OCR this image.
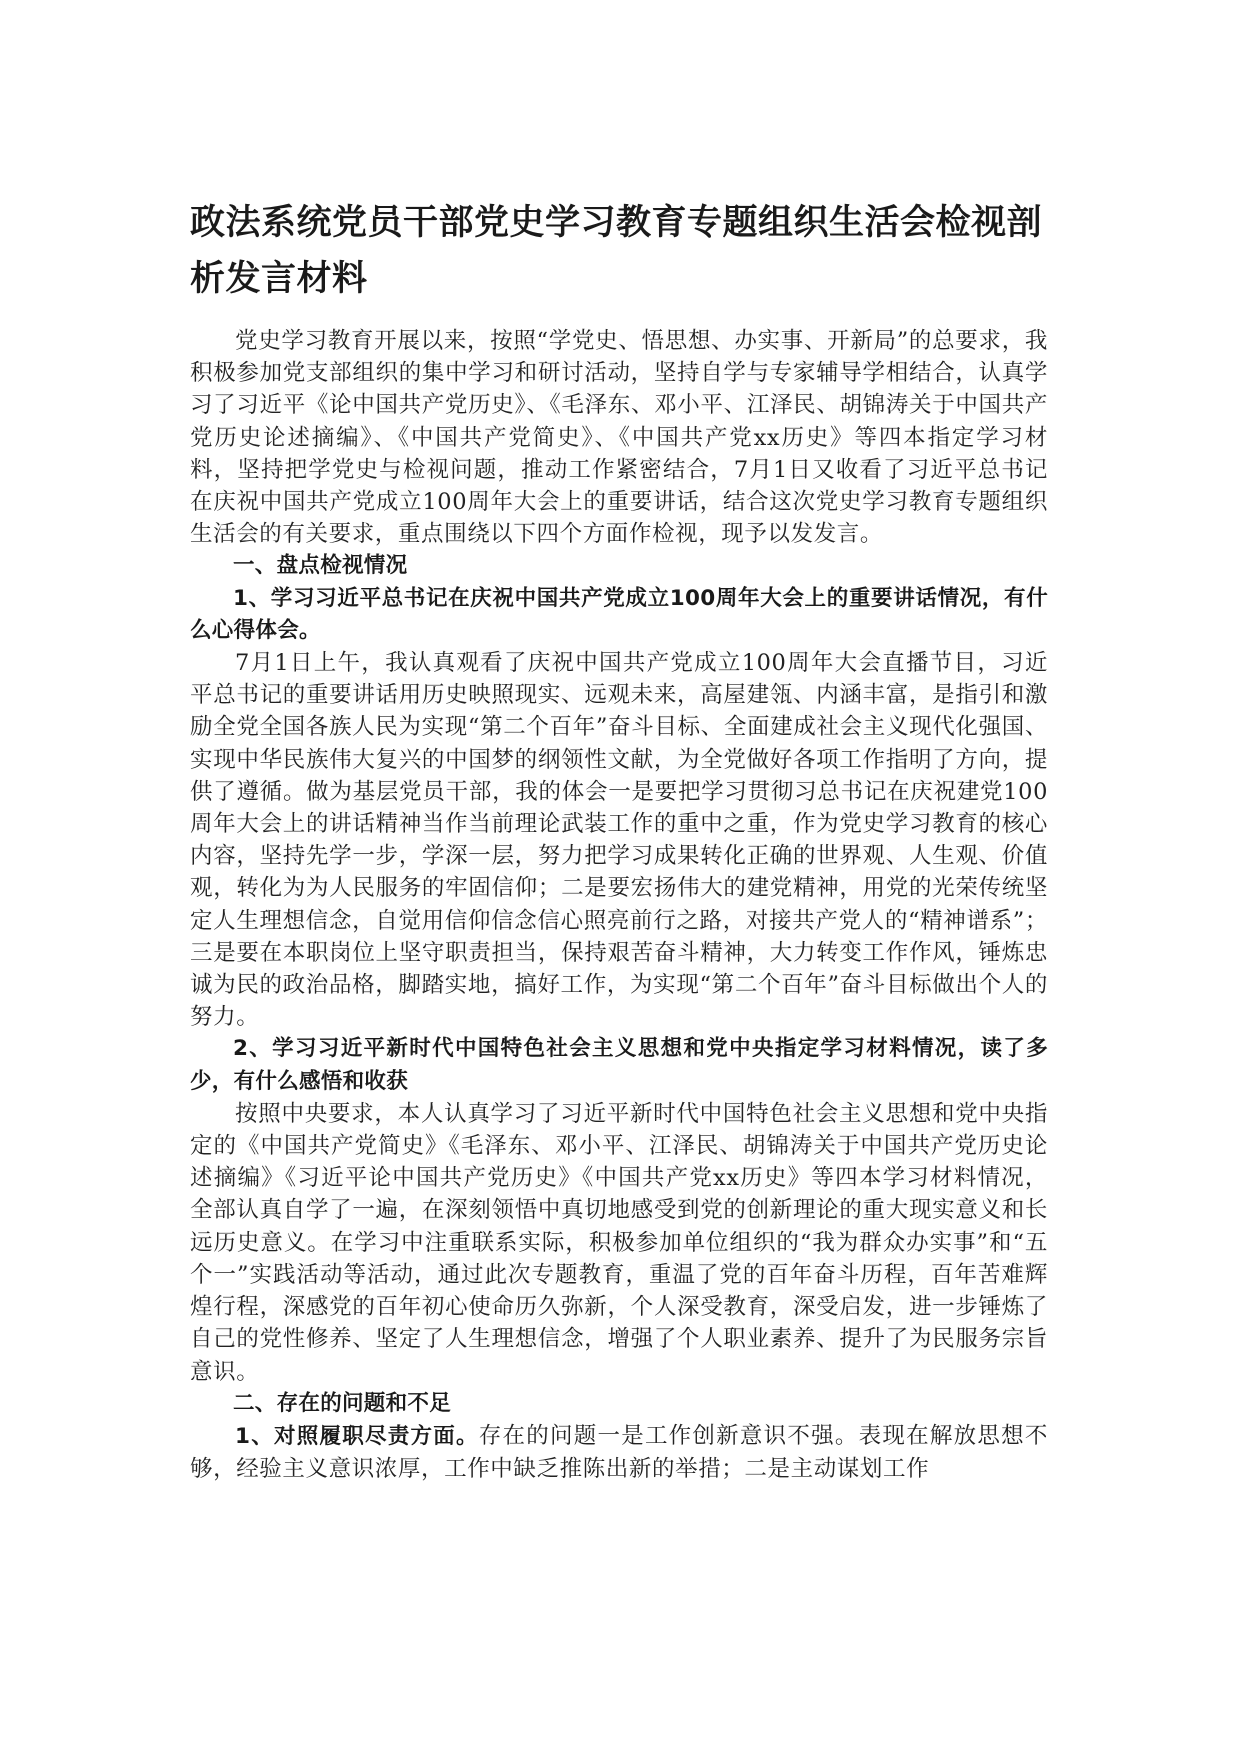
政法系统党员干部党史学习教育专题组织生活会检视剖析发言材料

党史学习教育开展以来，按照“学党史、悟思想、办实事、开新局”的总要求，我积极参加党支部组织的集中学习和研讨活动，坚持自学与专家辅导学相结合，认真学习了习近平《论中国共产党历史》、《毛泽东、邓小平、江泽民、胡锦涛关于中国共产党历史论述摘编》、《中国共产党简史》、《中国共产党xx历史》等四本指定学习材料，坚持把学党史与检视问题，推动工作紧密结合，7月1日又收看了习近平总书记在庆祝中国共产党成立100周年大会上的重要讲话，结合这次党史学习教育专题组织生活会的有关要求，重点围绕以下四个方面作检视，现予以发发言。

一、盘点检视情况

1、学习习近平总书记在庆祝中国共产党成立100周年大会上的重要讲话情况，有什么心得体会。

7月1日上午，我认真观看了庆祝中国共产党成立100周年大会直播节目，习近平总书记的重要讲话用历史映照现实、远观未来，高屋建瓴、内涵丰富，是指引和激励全党全国各族人民为实现“第二个百年”奋斗目标、全面建成社会主义现代化强国、实现中华民族伟大复兴的中国梦的纲领性文献，为全党做好各项工作指明了方向，提供了遵循。做为基层党员干部，我的体会一是要把学习贯彻习总书记在庆祝建党100周年大会上的讲话精神当作当前理论武装工作的重中之重，作为党史学习教育的核心内容，坚持先学一步，学深一层，努力把学习成果转化正确的世界观、人生观、价值观，转化为为人民服务的牢固信仰；二是要宏扬伟大的建党精神，用党的光荣传统坚定人生理想信念，自觉用信仰信念信心照亮前行之路，对接共产党人的“精神谱系”；三是要在本职岗位上坚守职责担当，保持艰苦奋斗精神，大力转变工作作风，锤炼忠诚为民的政治品格，脚踏实地，搞好工作，为实现“第二个百年”奋斗目标做出个人的努力。

2、学习习近平新时代中国特色社会主义思想和党中央指定学习材料情况，读了多少，有什么感悟和收获

按照中央要求，本人认真学习了习近平新时代中国特色社会主义思想和党中央指定的《中国共产党简史》《毛泽东、邓小平、江泽民、胡锦涛关于中国共产党历史论述摘编》《习近平论中国共产党历史》《中国共产党xx历史》等四本学习材料情况，全部认真自学了一遍，在深刻领悟中真切地感受到党的创新理论的重大现实意义和长远历史意义。在学习中注重联系实际，积极参加单位组织的“我为群众办实事”和“五个一”实践活动等活动，通过此次专题教育，重温了党的百年奋斗历程，百年苦难辉煌行程，深感党的百年初心使命历久弥新，个人深受教育，深受启发，进一步锤炼了自己的党性修养、坚定了人生理想信念，增强了个人职业素养、提升了为民服务宗旨意识。

二、存在的问题和不足

1、对照履职尽责方面。存在的问题一是工作创新意识不强。表现在解放思想不够，经验主义意识浓厚，工作中缺乏推陈出新的举措；二是主动谋划工作
